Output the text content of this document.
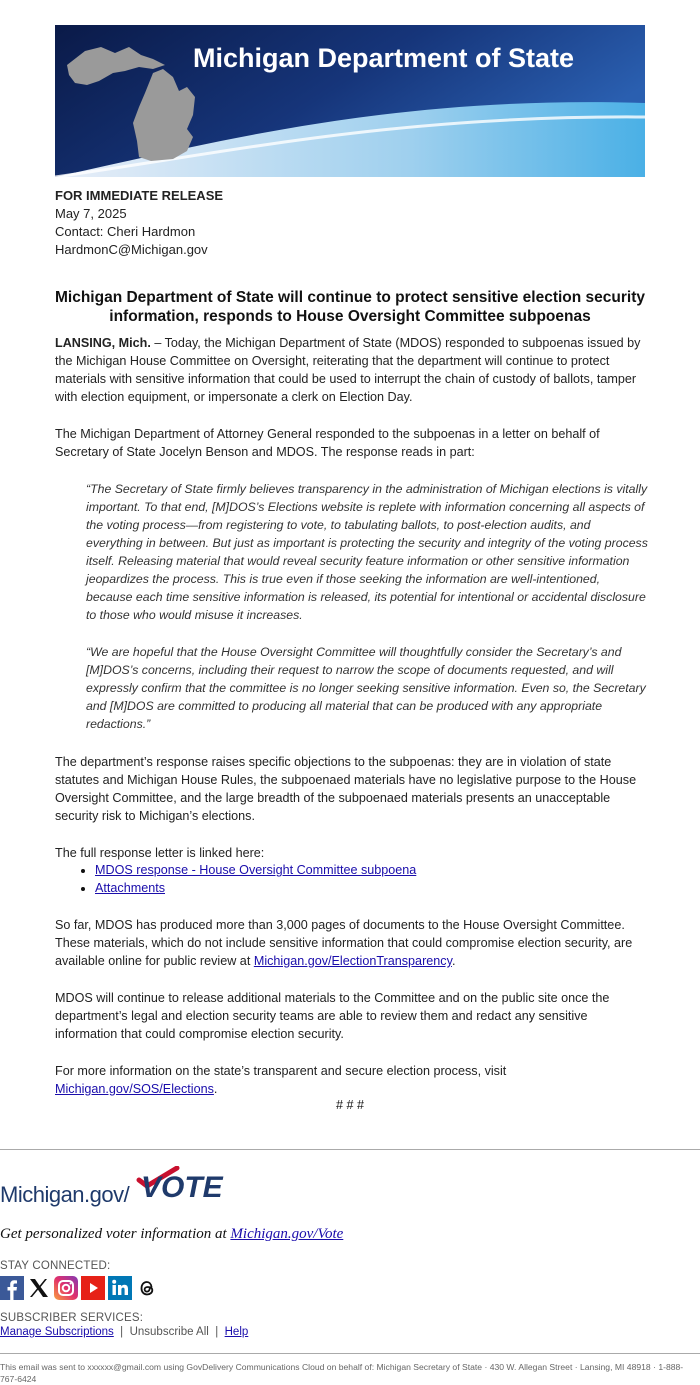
Michigan Department of State
FOR IMMEDIATE RELEASE
May 7, 2025
Contact: Cheri Hardmon
HardmonC@Michigan.gov
Michigan Department of State will continue to protect sensitive election security information, responds to House Oversight Committee subpoenas
LANSING, Mich. – Today, the Michigan Department of State (MDOS) responded to subpoenas issued by the Michigan House Committee on Oversight, reiterating that the department will continue to protect materials with sensitive information that could be used to interrupt the chain of custody of ballots, tamper with election equipment, or impersonate a clerk on Election Day.
The Michigan Department of Attorney General responded to the subpoenas in a letter on behalf of Secretary of State Jocelyn Benson and MDOS. The response reads in part:
“The Secretary of State firmly believes transparency in the administration of Michigan elections is vitally important. To that end, [M]DOS’s Elections website is replete with information concerning all aspects of the voting process—from registering to vote, to tabulating ballots, to post-election audits, and everything in between. But just as important is protecting the security and integrity of the voting process itself. Releasing material that would reveal security feature information or other sensitive information jeopardizes the process. This is true even if those seeking the information are well-intentioned, because each time sensitive information is released, its potential for intentional or accidental disclosure to those who would misuse it increases.
“We are hopeful that the House Oversight Committee will thoughtfully consider the Secretary’s and [M]DOS’s concerns, including their request to narrow the scope of documents requested, and will expressly confirm that the committee is no longer seeking sensitive information. Even so, the Secretary and [M]DOS are committed to producing all material that can be produced with any appropriate redactions.”
The department’s response raises specific objections to the subpoenas: they are in violation of state statutes and Michigan House Rules, the subpoenaed materials have no legislative purpose to the House Oversight Committee, and the large breadth of the subpoenaed materials presents an unacceptable security risk to Michigan’s elections.
The full response letter is linked here:
• MDOS response - House Oversight Committee subpoena
• Attachments
So far, MDOS has produced more than 3,000 pages of documents to the House Oversight Committee. These materials, which do not include sensitive information that could compromise election security, are available online for public review at Michigan.gov/ElectionTransparency.
MDOS will continue to release additional materials to the Committee and on the public site once the department’s legal and election security teams are able to review them and redact any sensitive information that could compromise election security.
For more information on the state’s transparent and secure election process, visit Michigan.gov/SOS/Elections.
# # #
Michigan.gov/ VOTE
Get personalized voter information at Michigan.gov/Vote
STAY CONNECTED:
SUBSCRIBER SERVICES:
Manage Subscriptions  |  Unsubscribe All  |  Help
This email was sent to xxxxxx@gmail.com using GovDelivery Communications Cloud on behalf of: Michigan Secretary of State · 430 W. Allegan Street · Lansing, MI 48918 · 1-888-767-6424
